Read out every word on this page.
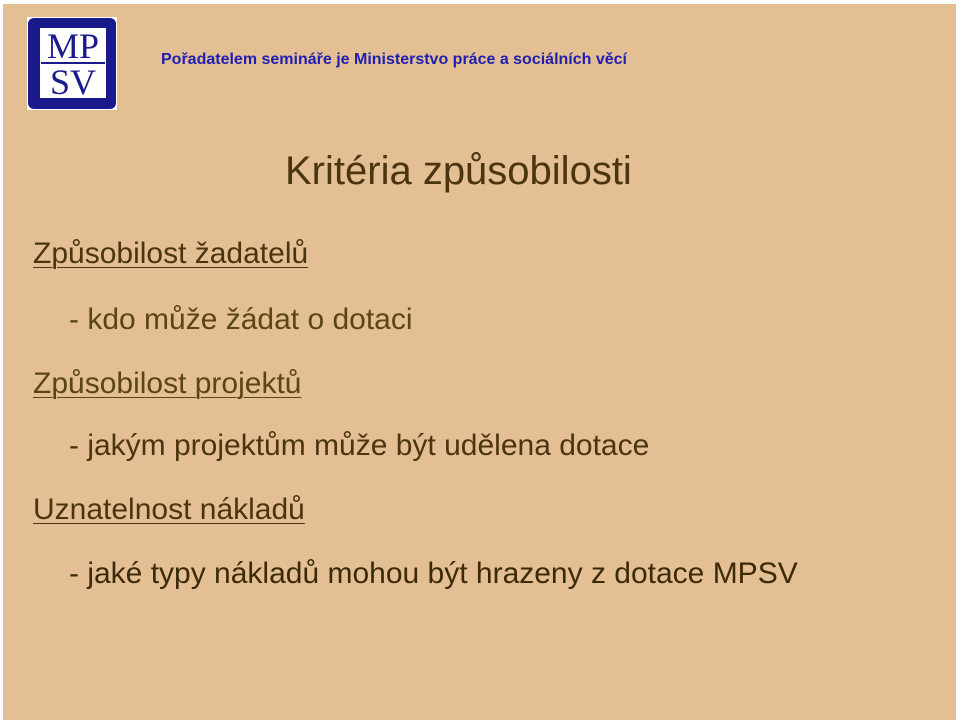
MP
SV
Pořadatelem semináře je Ministerstvo práce a sociálních věcí
Kritéria způsobilosti
Způsobilost žadatelů
- kdo může žádat o dotaci
Způsobilost projektů
- jakým projektům může být udělena dotace
Uznatelnost nákladů
- jaké typy nákladů mohou být hrazeny z dotace MPSV
